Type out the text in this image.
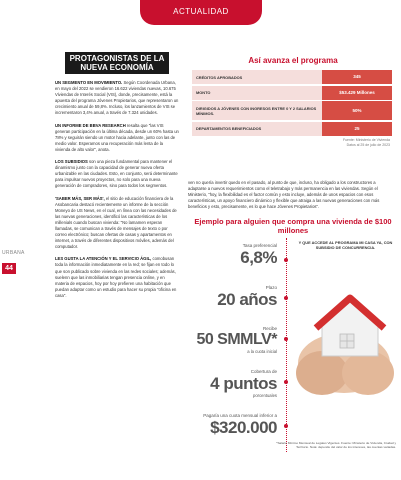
ACTUALIDAD
URBANA
44
PROTAGONISTAS DE LA NUEVA ECONOMÍA

UN SEGMENTO EN MOVIMIENTO. Según Coordenada Urbana, en mayo del 2022 se vendieron 16.622 viviendas nuevas, 10.675 Viviendas de Interés Social (VIS), donde, precisamente, está la apuesta del programa Jóvenes Propietarios, que representaron un crecimiento anual de 59,8%. Incluso, los lanzamientos de VIS se incrementaron 3,4% anual, a través de 7.324 unidades.

UN INFORME DE BBVA RESEARCH resalta que "las VIS generan participación en la última década, desde un 60% hasta un 78% y seguirán siendo un motor hacia adelante, junto con las de medio valor. Esperamos una recuperación más lenta de la vivienda de alto valor", anota.

LOS SUBSIDIOS son una pieza fundamental para mantener el dinamismo junto con la capacidad de generar nueva oferta urbanizable en las ciudades. Esto, en conjunto, será determinante para impulsar nuevos proyectos, no solo para una nueva generación de compradores, sino para todos los segmentos.

'SABER MÁS, SER MÁS', el sitio de educación financiera de la Asobancaria destacó recientemente un informe de la sección Moneyo de US News, en el cual, en línea con las necesidades de las nuevas generaciones, identificó las características de los millenials cuando buscan vivienda: "No lamamen esperan llamadas, se comunican a través de mensajes de texto o por correo electrónico; buscan ofertas de casas y apartamentos en internet, a través de diferentes dispositivos móviles, además del computador.

LES GUSTA LA ATENCIÓN Y EL SERVICIO ÁGIL, comobusan toda la información inmediatamente en la red; se fijan en todo lo que son publicado sobre vivienda en las redes sociales; además, suelenn que las inmobiliarias tengan presencia online, y en materia de espacios, hoy por hoy prefieren una habitación que puedan adaptar como un estudio para hacer su propia "oficina en casa".

Así avanza el programa
CRÉDITOS APROBADOS	345
MONTO	$53.429 Millones
DIRIGIDOS A JÓVENES CON INGRESOS ENTRE 0 Y 2 SALARIOS MÍNIMOS.	50%
DEPARTAMENTOS BENEFICIADOS	25
Fuente: Ministerio de Vivienda
Datos al 25 de julio de 2023
ven no quería invertir quedo en el pasado, al punto de que, incluso, ha obligado a los constructores a adaptarse a nuevos requerimientos como el teletrabajo y más permanencia en las viviendas. Según el Ministerio, "hoy, la flexibilidad es el factor común y esto incluye, además de unos espacios con esos características, un apoyo financiero dinámico y flexible que atraiga a las nuevas generaciones con más beneficios y esto, precisamente, es lo que hace Jóvenes Propietarios".
Ejemplo para alguien que compra una vivienda de $100 millones
Y QUE ACCEDE AL PROGRAMA MI CASA YA, CON SUBSIDIO DE CONCURRENCIA.
Tasa preferencial
6,8%
Plazo
20 años
Recibe
50 SMMLV*
a la cuota inicial
Cobertura de
4 puntos
porcentuales
Pagaría una cuota mensual inferior a
$320.000
*Salario Mínimo Mensual de Legales Vigentes. Fuente: Minsterio de Vivienda, Ciudad y Territorio. Nota: depende del valor de los intereses, las cuentas variadas.
